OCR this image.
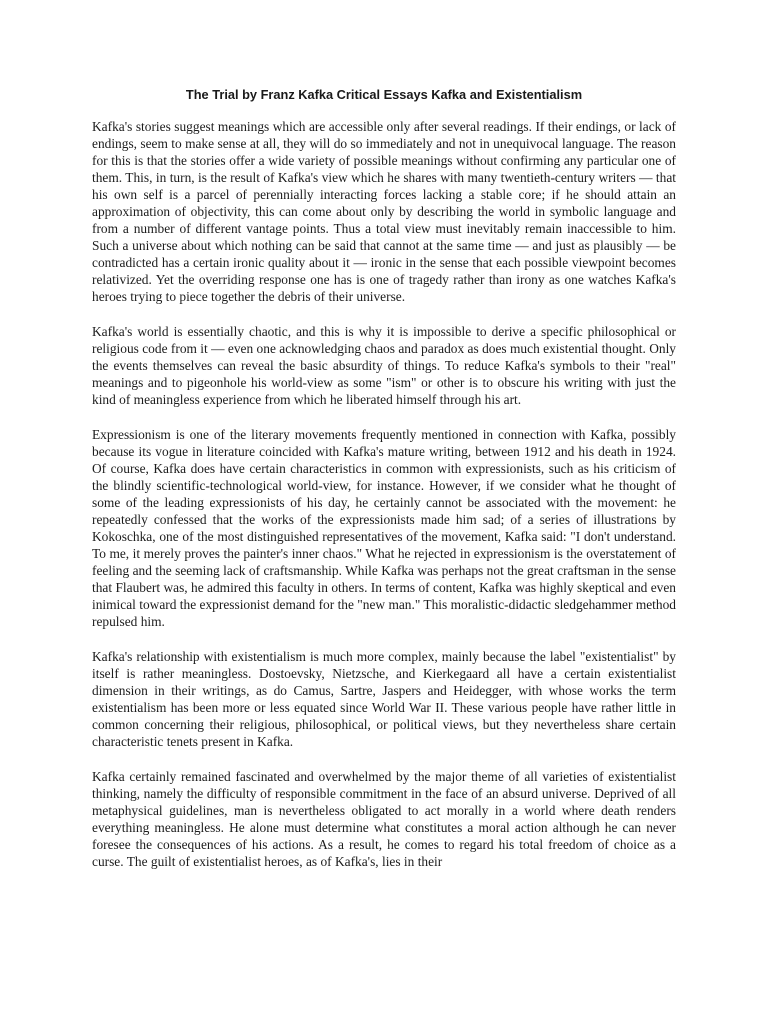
The Trial by Franz Kafka Critical Essays Kafka and Existentialism

Kafka's stories suggest meanings which are accessible only after several readings. If their endings, or lack of endings, seem to make sense at all, they will do so immediately and not in unequivocal language. The reason for this is that the stories offer a wide variety of possible meanings without confirming any particular one of them. This, in turn, is the result of Kafka's view which he shares with many twentieth-century writers — that his own self is a parcel of perennially interacting forces lacking a stable core; if he should attain an approximation of objectivity, this can come about only by describing the world in symbolic language and from a number of different vantage points. Thus a total view must inevitably remain inaccessible to him. Such a universe about which nothing can be said that cannot at the same time — and just as plausibly — be contradicted has a certain ironic quality about it — ironic in the sense that each possible viewpoint becomes relativized. Yet the overriding response one has is one of tragedy rather than irony as one watches Kafka's heroes trying to piece together the debris of their universe.

Kafka's world is essentially chaotic, and this is why it is impossible to derive a specific philosophical or religious code from it — even one acknowledging chaos and paradox as does much existential thought. Only the events themselves can reveal the basic absurdity of things. To reduce Kafka's symbols to their "real" meanings and to pigeonhole his world-view as some "ism" or other is to obscure his writing with just the kind of meaningless experience from which he liberated himself through his art.

Expressionism is one of the literary movements frequently mentioned in connection with Kafka, possibly because its vogue in literature coincided with Kafka's mature writing, between 1912 and his death in 1924. Of course, Kafka does have certain characteristics in common with expressionists, such as his criticism of the blindly scientific-technological world-view, for instance. However, if we consider what he thought of some of the leading expressionists of his day, he certainly cannot be associated with the movement: he repeatedly confessed that the works of the expressionists made him sad; of a series of illustrations by Kokoschka, one of the most distinguished representatives of the movement, Kafka said: "I don't understand. To me, it merely proves the painter's inner chaos." What he rejected in expressionism is the overstatement of feeling and the seeming lack of craftsmanship. While Kafka was perhaps not the great craftsman in the sense that Flaubert was, he admired this faculty in others. In terms of content, Kafka was highly skeptical and even inimical toward the expressionist demand for the "new man." This moralistic-didactic sledgehammer method repulsed him.

Kafka's relationship with existentialism is much more complex, mainly because the label "existentialist" by itself is rather meaningless. Dostoevsky, Nietzsche, and Kierkegaard all have a certain existentialist dimension in their writings, as do Camus, Sartre, Jaspers and Heidegger, with whose works the term existentialism has been more or less equated since World War II. These various people have rather little in common concerning their religious, philosophical, or political views, but they nevertheless share certain characteristic tenets present in Kafka.

Kafka certainly remained fascinated and overwhelmed by the major theme of all varieties of existentialist thinking, namely the difficulty of responsible commitment in the face of an absurd universe. Deprived of all metaphysical guidelines, man is nevertheless obligated to act morally in a world where death renders everything meaningless. He alone must determine what constitutes a moral action although he can never foresee the consequences of his actions. As a result, he comes to regard his total freedom of choice as a curse. The guilt of existentialist heroes, as of Kafka's, lies in their
